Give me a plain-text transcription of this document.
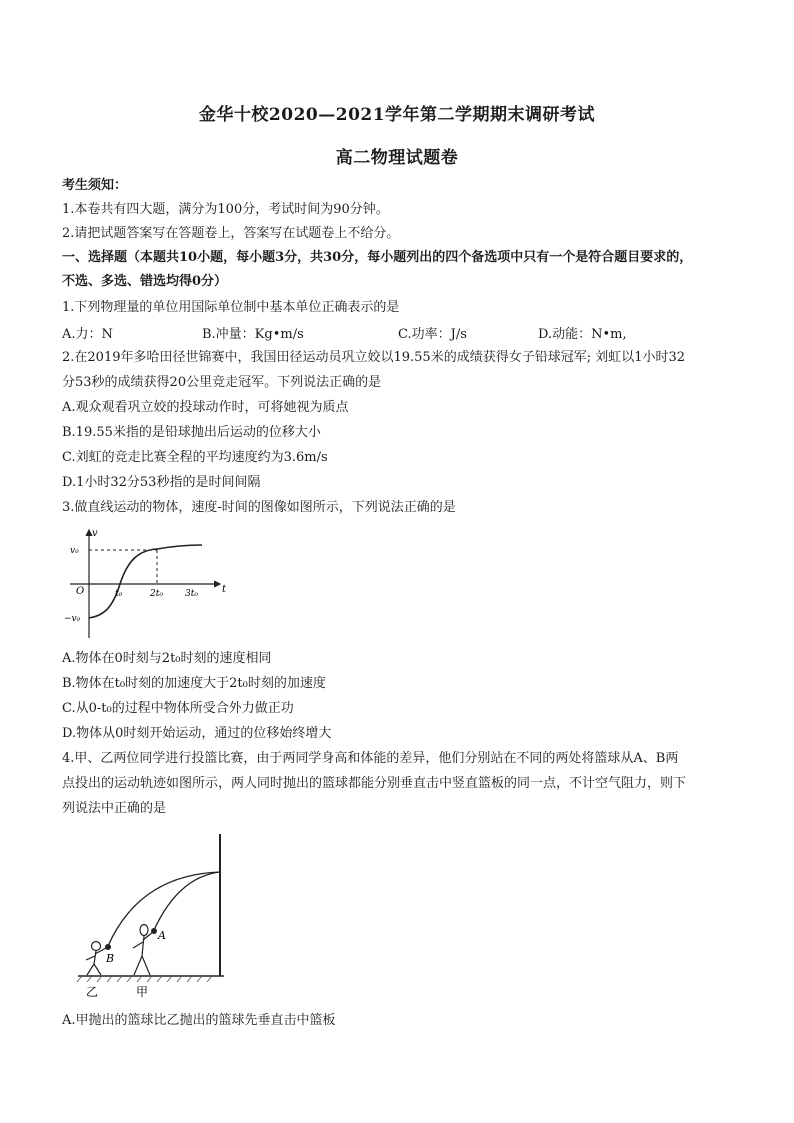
金华十校2020—2021学年第二学期期末调研考试
高二物理试题卷
考生须知：
1.本卷共有四大题，满分为100分，考试时间为90分钟。
2.请把试题答案写在答题卷上，答案写在试题卷上不给分。
一、选择题（本题共10小题，每小题3分，共30分，每小题列出的四个备选项中只有一个是符合题目要求的，
不选、多选、错选均得0分）
1.下列物理量的单位用国际单位制中基本单位正确表示的是
A.力：N	B.冲量：Kg•m/s	C.功率：J/s	D.动能：N•m,
2.在2019年多哈田径世锦赛中，我国田径运动员巩立姣以19.55米的成绩获得女子铅球冠军; 刘虹以1小时32
分53秒的成绩获得20公里竞走冠军。下列说法正确的是
A.观众观看巩立姣的投球动作时，可将她视为质点
B.19.55米指的是铅球抛出后运动的位移大小
C.刘虹的竞走比赛全程的平均速度约为3.6m/s
D.1小时32分53秒指的是时间间隔
3.做直线运动的物体，速度-时间的图像如图所示，下列说法正确的是
v
t
O
v₀
−v₀
t₀	2t₀ 3t₀
A.物体在0时刻与2t₀时刻的速度相同
B.物体在t₀时刻的加速度大于2t₀时刻的加速度
C.从0-t₀的过程中物体所受合外力做正功
D.物体从0时刻开始运动，通过的位移始终增大
4.甲、乙两位同学进行投篮比赛，由于两同学身高和体能的差异，他们分别站在不同的两处将篮球从A、B两
点投出的运动轨迹如图所示，两人同时抛出的篮球都能分别垂直击中竖直篮板的同一点，不计空气阻力，则下
列说法中正确的是
A
B
乙	甲
A.甲抛出的篮球比乙抛出的篮球先垂直击中篮板
